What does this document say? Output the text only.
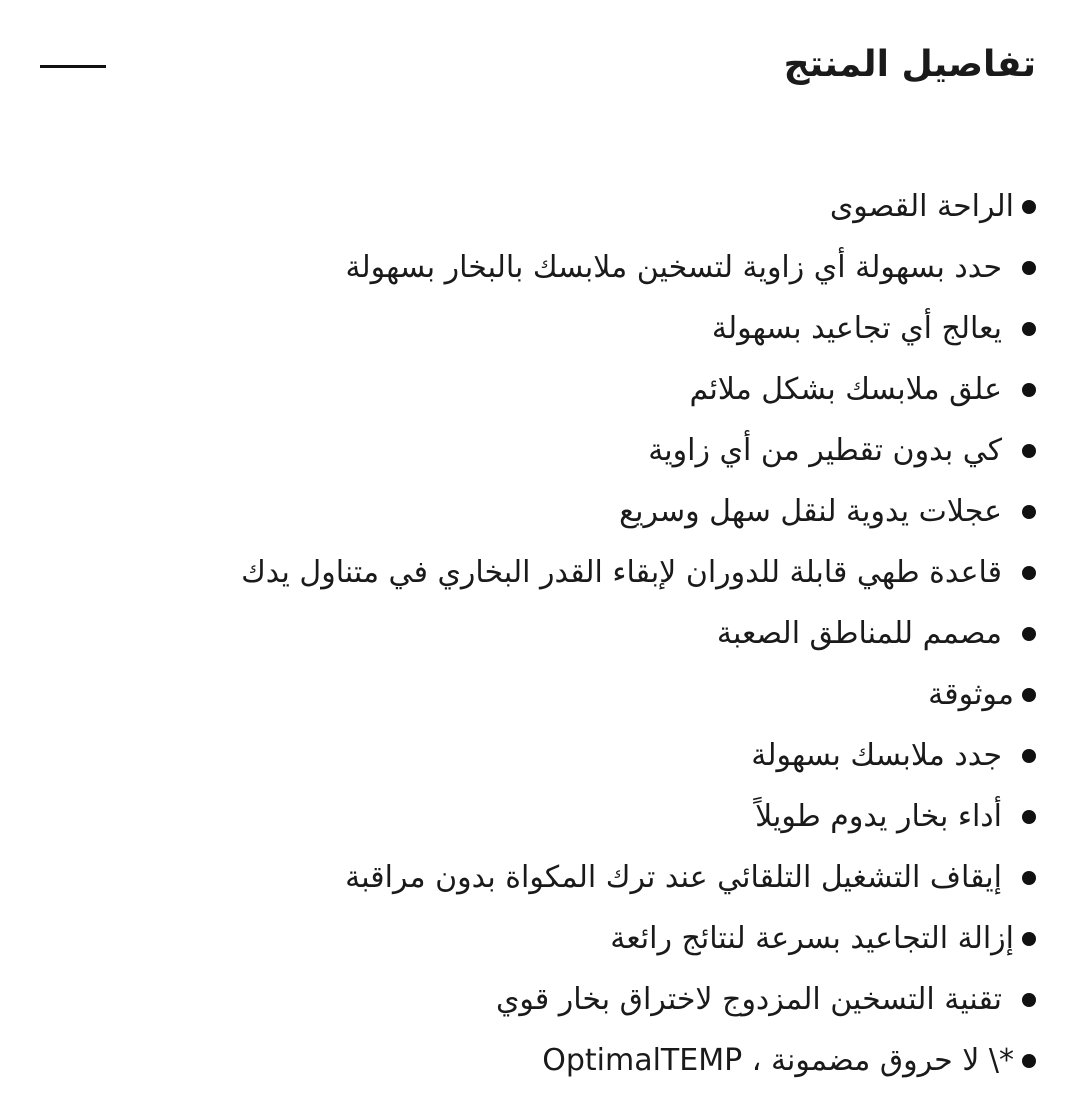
تفاصيل المنتج
الراحة القصوى
حدد بسهولة أي زاوية لتسخين ملابسك بالبخار بسهولة
يعالج أي تجاعيد بسهولة
علق ملابسك بشكل ملائم
كي بدون تقطير من أي زاوية
عجلات يدوية لنقل سهل وسريع
قاعدة طهي قابلة للدوران لإبقاء القدر البخاري في متناول يدك
مصمم للمناطق الصعبة
موثوقة
جدد ملابسك بسهولة
أداء بخار يدوم طويلاً
إيقاف التشغيل التلقائي عند ترك المكواة بدون مراقبة
إزالة التجاعيد بسرعة لنتائج رائعة
تقنية التسخين المزدوج لاختراق بخار قوي
*\ لا حروق مضمونة ، OptimalTEMP
